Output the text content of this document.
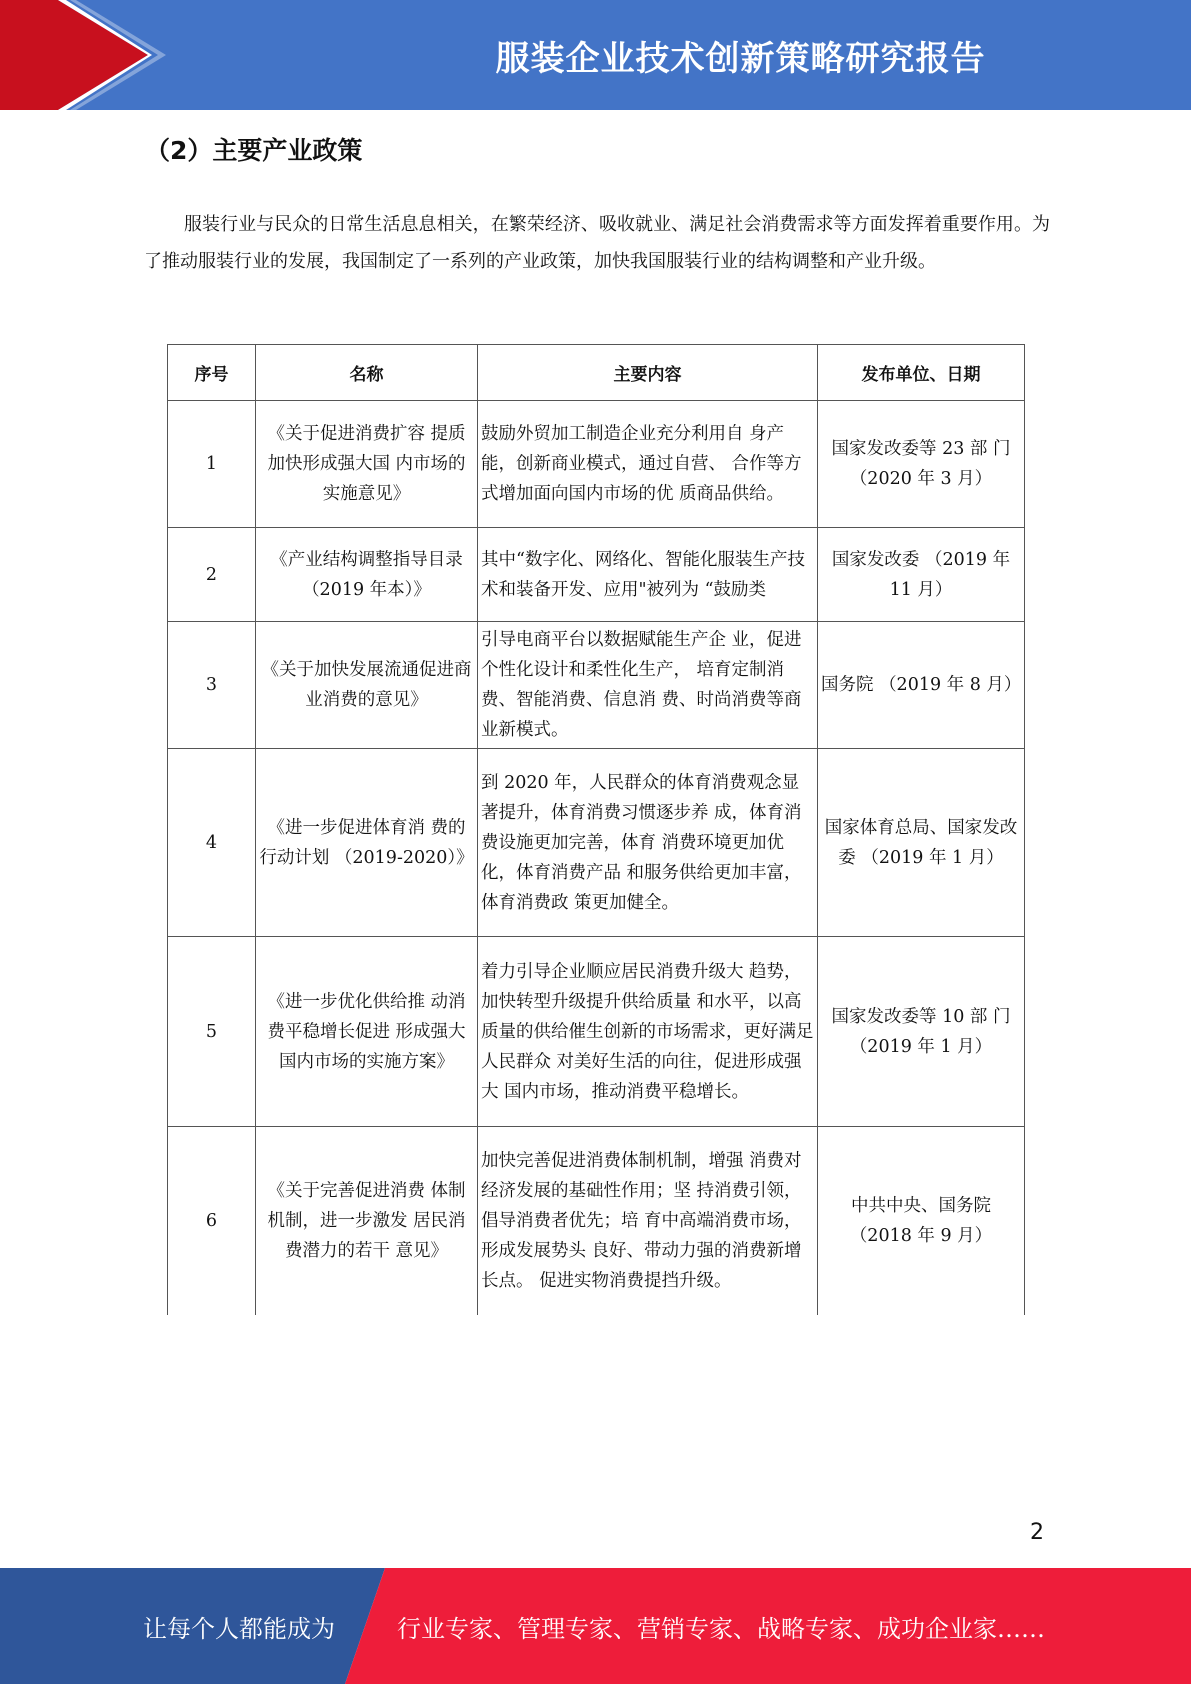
服装企业技术创新策略研究报告
（2）主要产业政策

服装行业与民众的日常生活息息相关，在繁荣经济、吸收就业、满足社会消费需求等方面发挥着重要作用。为了推动服装行业的发展，我国制定了一系列的产业政策，加快我国服装行业的结构调整和产业升级。

序号	名称	主要内容	发布单位、日期
1	《关于促进消费扩容 提质加快形成强大国 内市场的实施意见》	鼓励外贸加工制造企业充分利用自 身产能，创新商业模式，通过自营、 合作等方式增加面向国内市场的优 质商品供给。	国家发改委等 23 部 门（2020 年 3 月）
2	《产业结构调整指导目录（2019 年本）》	其中“数字化、网络化、智能化服装生产技术和装备开发、应用"被列为 “鼓励类	国家发改委 （2019 年 11 月）
3	《关于加快发展流通促进商业消费的意见》	引导电商平台以数据赋能生产企 业，促进个性化设计和柔性化生产， 培育定制消费、智能消费、信息消 费、时尚消费等商业新模式。	国务院 （2019 年 8 月）
4	《进一步促进体育消 费的行动计划 （2019-2020）》	到 2020 年，人民群众的体育消费观念显著提升，体育消费习惯逐步养 成，体育消费设施更加完善，体育 消费环境更加优化，体育消费产品 和服务供给更加丰富，体育消费政 策更加健全。	国家体育总局、国家发改委 （2019 年 1 月）
5	《进一步优化供给推 动消费平稳增长促进 形成强大国内市场的实施方案》	着力引导企业顺应居民消费升级大 趋势，加快转型升级提升供给质量 和水平，以高质量的供给催生创新的市场需求，更好满足人民群众 对美好生活的向往，促进形成强大 国内市场，推动消费平稳增长。	国家发改委等 10 部 门（2019 年 1 月）
6	《关于完善促进消费 体制机制，进一步激发 居民消费潜力的若干 意见》	加快完善促进消费体制机制，增强 消费对经济发展的基础性作用；坚 持消费引领，倡导消费者优先；培 育中高端消费市场，形成发展势头 良好、带动力强的消费新增长点。 促进实物消费提挡升级。	中共中央、国务院 （2018 年 9 月）
2
让每个人都能成为	行业专家、管理专家、营销专家、战略专家、成功企业家……
